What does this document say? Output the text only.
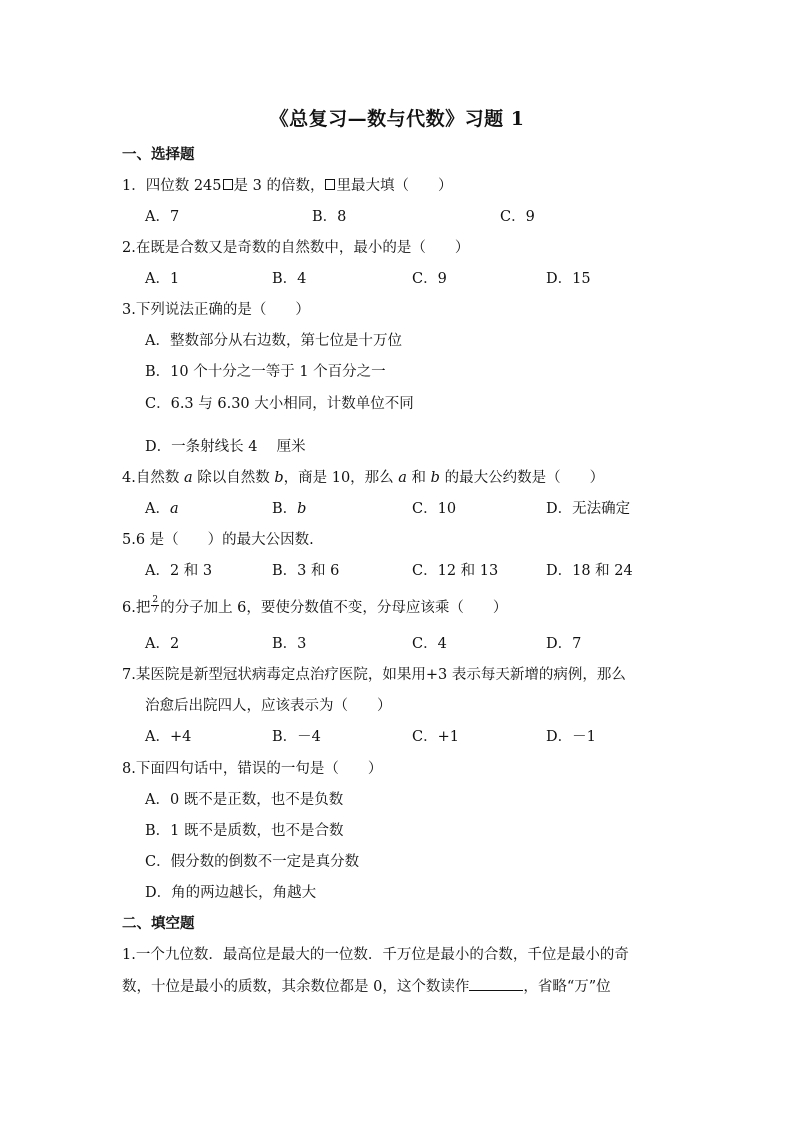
《总复习—数与代数》习题 1
一、选择题
1．四位数 245 是 3 的倍数， 里最大填（　　）
A．7	B．8	C．9
2.在既是合数又是奇数的自然数中，最小的是（　　）
A．1	B．4	C．9	D．15
3.下列说法正确的是（　　）
A．整数部分从右边数，第七位是十万位
B．10 个十分之一等于 1 个百分之一
C．6.3 与 6.30 大小相同，计数单位不同
D．一条射线长 4　 厘米
4.自然数 a 除以自然数 b，商是 10，那么 a 和 b 的最大公约数是（　　）
A．a	B．b	C．10	D．无法确定
5.6 是（　　）的最大公因数.
A．2 和 3	B．3 和 6	C．12 和 13	D．18 和 24
6.把 $\frac{2}{7}$ 的分子加上 6，要使分数值不变，分母应该乘（　　）
A．2	B．3	C．4	D．7
7.某医院是新型冠状病毒定点治疗医院，如果用+3 表示每天新增的病例，那么
治愈后出院四人，应该表示为（　　）
A．+4	B．－4	C．+1	D．－1
8.下面四句话中，错误的一句是（　　）
A．0 既不是正数，也不是负数
B．1 既不是质数，也不是合数
C．假分数的倒数不一定是真分数
D．角的两边越长，角越大
二、填空题
1.一个九位数．最高位是最大的一位数．千万位是最小的合数，千位是最小的奇
数，十位是最小的质数，其余数位都是 0，这个数读作	，省略“万”位
